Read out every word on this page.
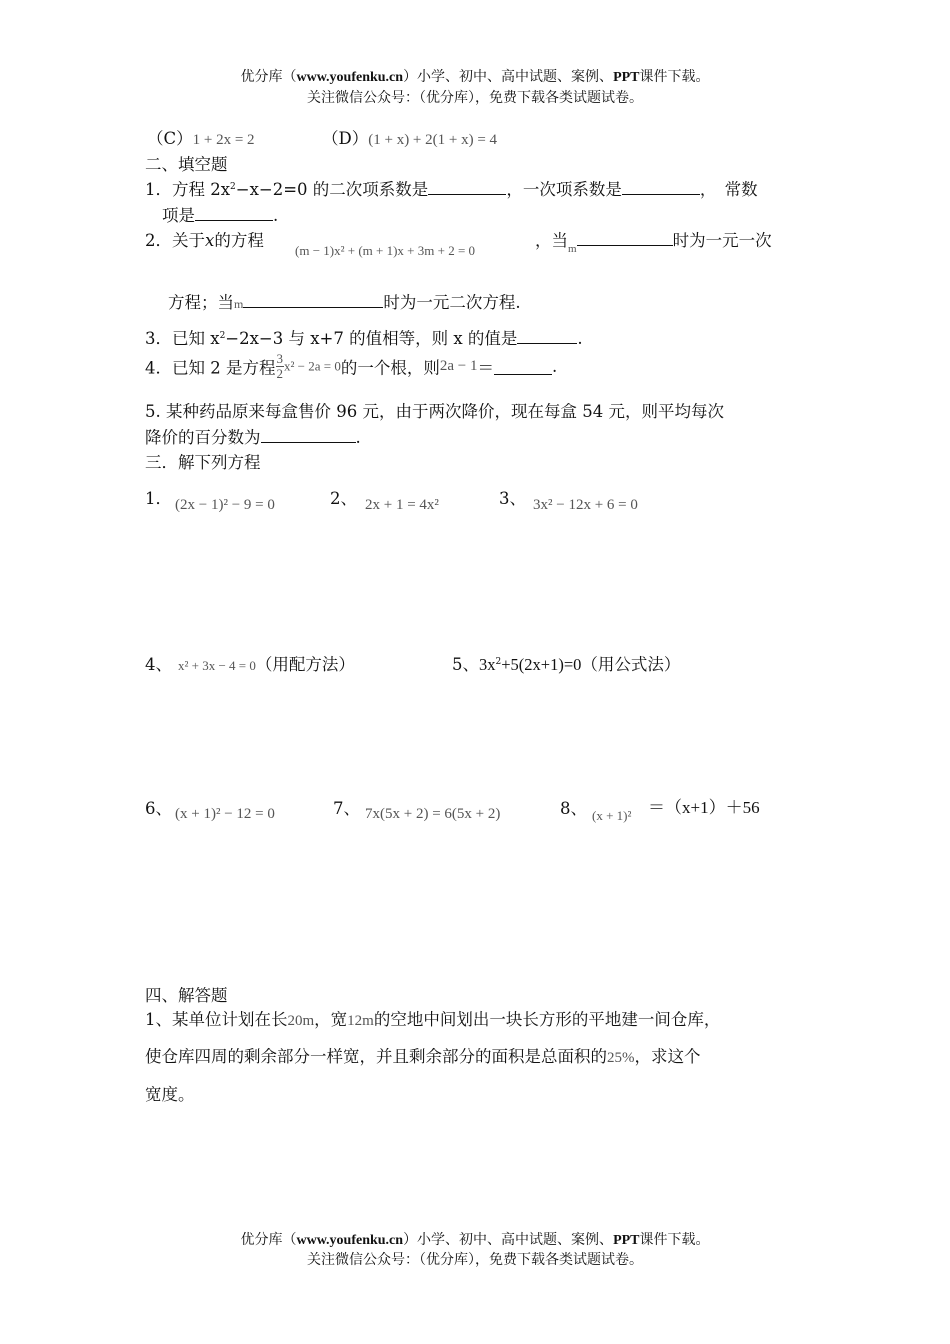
优分库（www.youfenku.cn）小学、初中、高中试题、案例、PPT课件下载。
关注微信公众号：（优分库），免费下载各类试题试卷。
（C）1 + 2x = 2	（D）(1 + x) + 2(1 + x) = 4
二、填空题
1．方程 $2x^2-x-2=0$ 的二次项系数是	，一次项系数是	，　常数
项是	.
2．关于x的方程
(m − 1)x² + (m + 1)x + 3m + 2 = 0
，当$_m$	时为一元一次
方程；当m	时为一元二次方程.
3．已知 $x^2-2x-3$ 与 x+7 的值相等，则 x 的值是	.
4．已知 2 是方程 $\frac{3}{2} x^2 - 2a = 0$的一个根，则2a − 1＝	.
5. 某种药品原来每盒售价 96 元，由于两次降价，现在每盒 54 元，则平均每次
降价的百分数为	.
三．解下列方程
1． (2x − 1)² − 9 = 0	2、 2x + 1 = 4x²	3、 3x² − 12x + 6 = 0
4、 x² + 3x − 4 = 0（用配方法）	5、$3x^2+5(2x+1)=0$（用公式法）
6、 (x + 1)² − 12 = 0	7、 7x(5x + 2) = 6(5x + 2)	8、 (x + 1)² ＝（x+1）＋56
四、解答题
1、某单位计划在长20m，宽12m的空地中间划出一块长方形的平地建一间仓库，
使仓库四周的剩余部分一样宽，并且剩余部分的面积是总面积的25%，求这个
宽度。
优分库（www.youfenku.cn）小学、初中、高中试题、案例、PPT课件下载。
关注微信公众号：（优分库），免费下载各类试题试卷。
